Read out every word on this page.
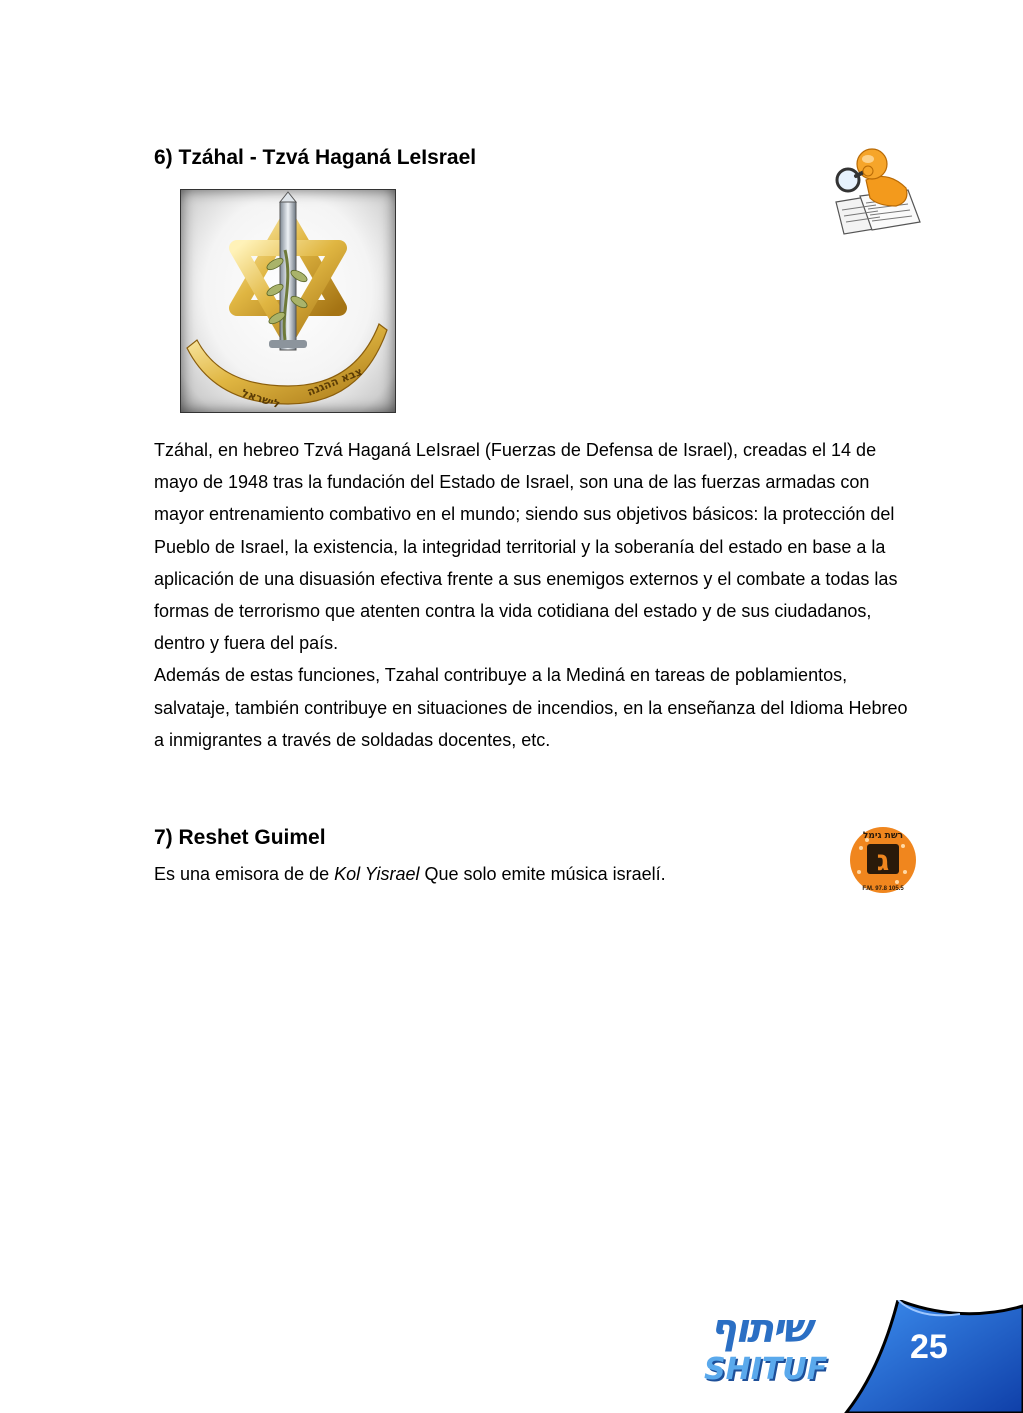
6) Tzáhal - Tzvá Haganá LeIsrael
לישראל צבא ההגנה

Tzáhal, en hebreo Tzvá Haganá LeIsrael (Fuerzas de Defensa de Israel), creadas el 14 de mayo de 1948 tras la fundación del Estado de Israel, son una de las fuerzas armadas con mayor entrenamiento combativo en el mundo; siendo sus objetivos básicos: la protección del Pueblo de Israel, la existencia, la integridad territorial y la soberanía del estado en base a la aplicación de una disuasión efectiva frente a sus enemigos externos y el combate a todas las formas de terrorismo que atenten contra la vida cotidiana del estado y de sus ciudadanos, dentro y fuera del país.

Además de estas funciones, Tzahal contribuye a la Mediná en tareas de poblamientos, salvataje, también contribuye en situaciones de incendios, en la enseñanza del Idioma Hebreo a inmigrantes a través de soldadas docentes, etc.

7) Reshet Guimel
Es una emisora de de Kol Yisrael Que solo emite música israelí.	ג
רשת גימל
F.M. 97.8 105.5
שיתוף
SHITUF
25
